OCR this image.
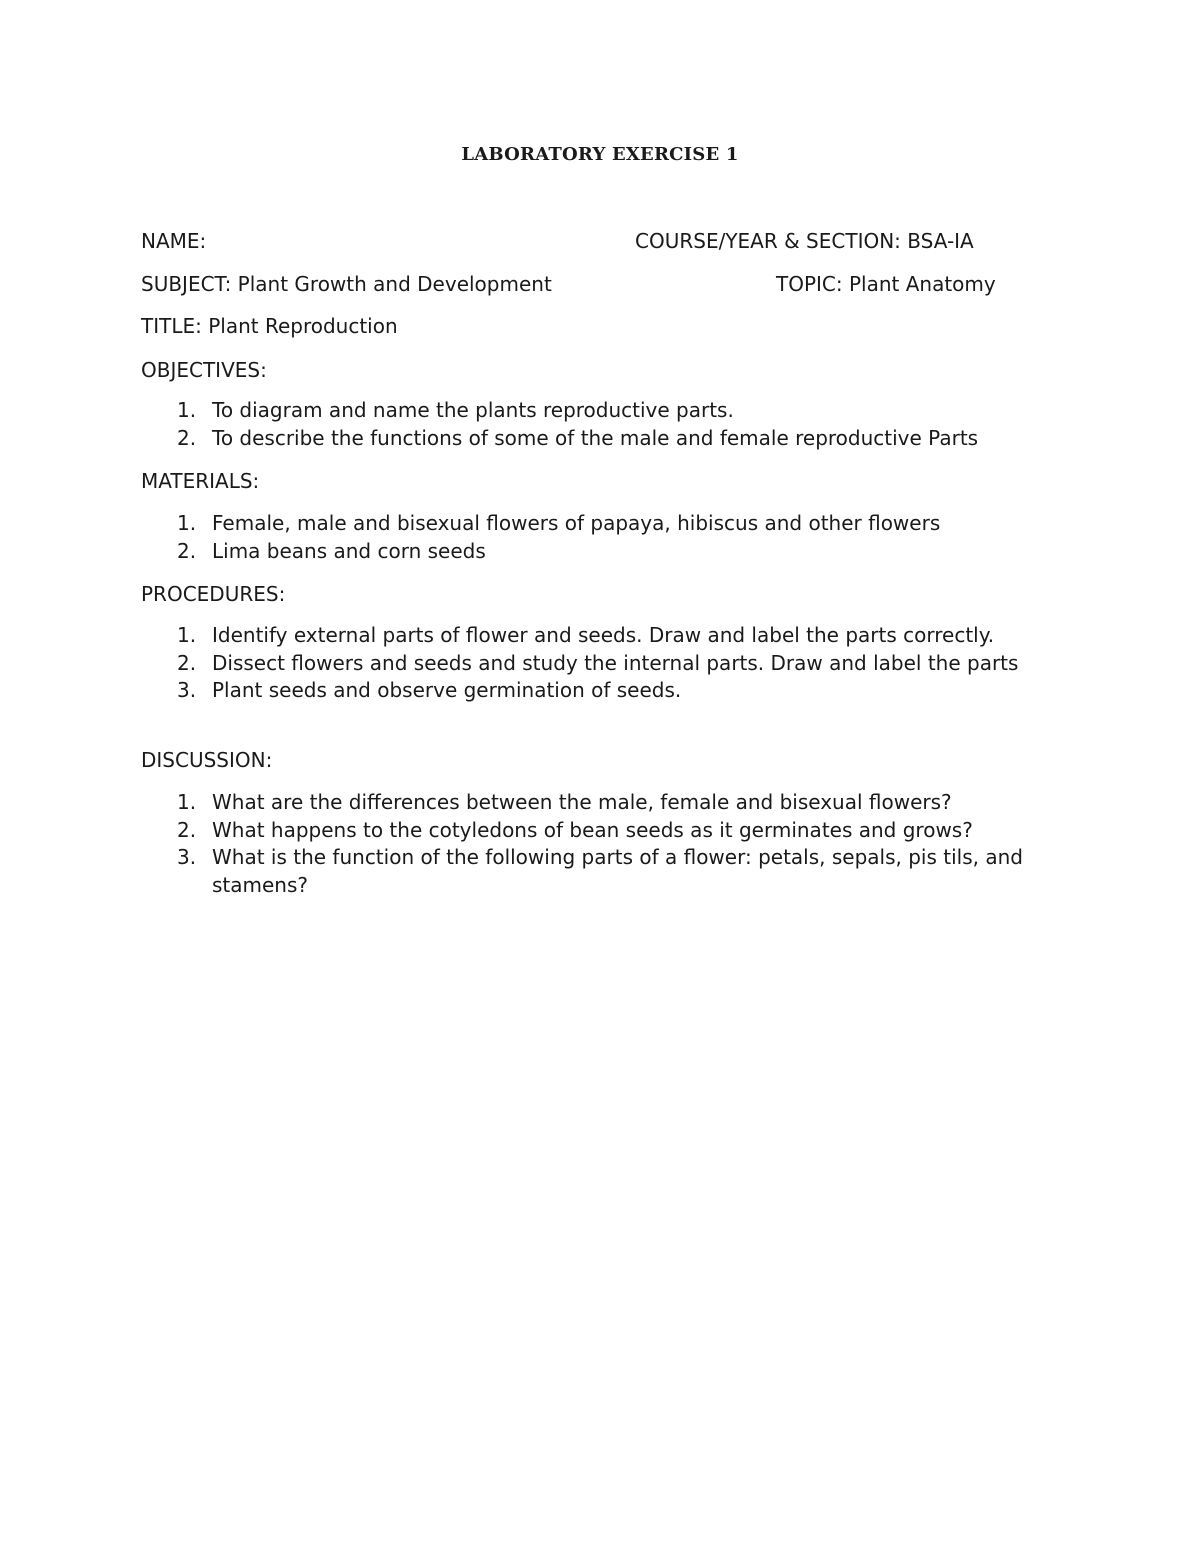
LABORATORY EXERCISE 1
NAME:	COURSE/YEAR & SECTION: BSA-IA
SUBJECT: Plant Growth and Development	TOPIC: Plant Anatomy
TITLE: Plant Reproduction
OBJECTIVES:
1. To diagram and name the plants reproductive parts.
2. To describe the functions of some of the male and female reproductive Parts
MATERIALS:
1. Female, male and bisexual flowers of papaya, hibiscus and other flowers
2. Lima beans and corn seeds
PROCEDURES:
1. Identify external parts of flower and seeds. Draw and label the parts correctly.
2. Dissect flowers and seeds and study the internal parts. Draw and label the parts
3. Plant seeds and observe germination of seeds.
DISCUSSION:
1. What are the differences between the male, female and bisexual flowers?
2. What happens to the cotyledons of bean seeds as it germinates and grows?
3. What is the function of the following parts of a flower: petals, sepals, pis tils, and stamens?
